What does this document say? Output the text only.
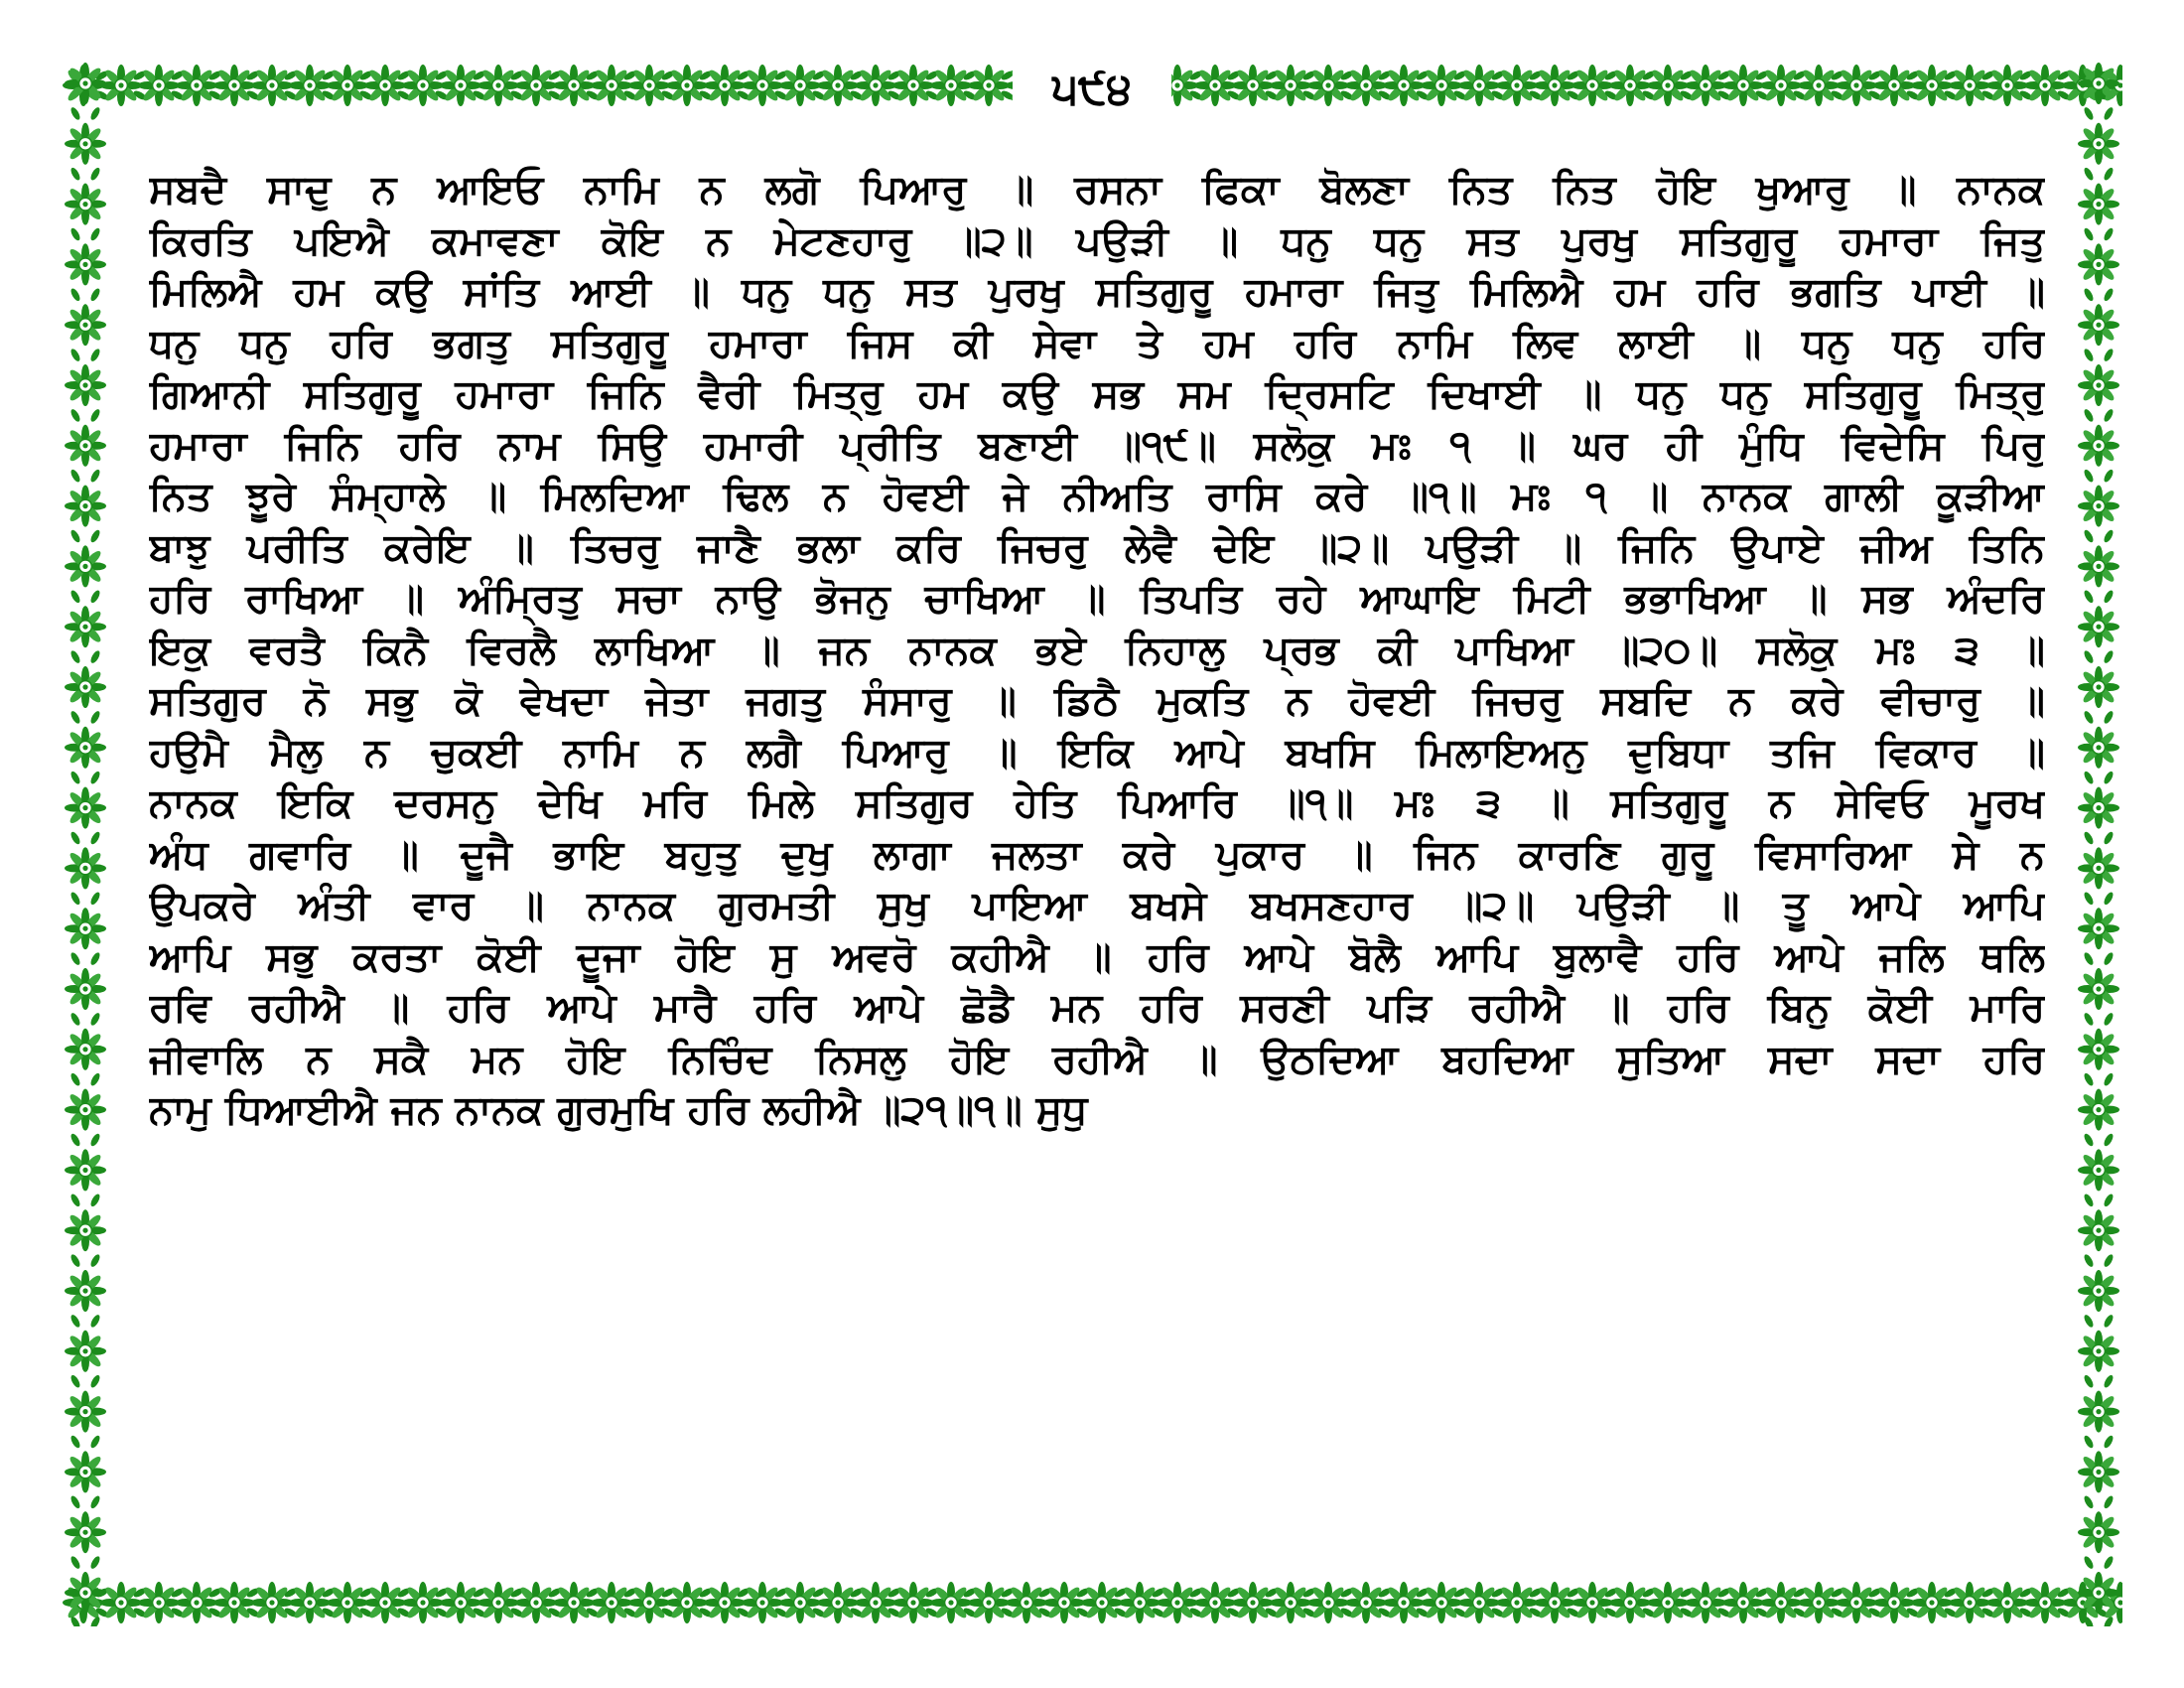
੫੯੪
ਸਬਦੈ ਸਾਦੁ ਨ ਆਇਓ ਨਾਮਿ ਨ ਲਗੋ ਪਿਆਰੁ ॥ ਰਸਨਾ ਫਿਕਾ ਬੋਲਣਾ ਨਿਤ ਨਿਤ ਹੋਇ ਖੁਆਰੁ ॥ ਨਾਨਕ
ਕਿਰਤਿ ਪਇਐ ਕਮਾਵਣਾ ਕੋਇ ਨ ਮੇਟਣਹਾਰੁ ॥੨॥ ਪਉੜੀ ॥ ਧਨੁ ਧਨੁ ਸਤ ਪੁਰਖੁ ਸਤਿਗੁਰੂ ਹਮਾਰਾ ਜਿਤੁ
ਮਿਲਿਐ ਹਮ ਕਉ ਸਾਂਤਿ ਆਈ ॥ ਧਨੁ ਧਨੁ ਸਤ ਪੁਰਖੁ ਸਤਿਗੁਰੂ ਹਮਾਰਾ ਜਿਤੁ ਮਿਲਿਐ ਹਮ ਹਰਿ ਭਗਤਿ ਪਾਈ ॥
ਧਨੁ ਧਨੁ ਹਰਿ ਭਗਤੁ ਸਤਿਗੁਰੂ ਹਮਾਰਾ ਜਿਸ ਕੀ ਸੇਵਾ ਤੇ ਹਮ ਹਰਿ ਨਾਮਿ ਲਿਵ ਲਾਈ ॥ ਧਨੁ ਧਨੁ ਹਰਿ
ਗਿਆਨੀ ਸਤਿਗੁਰੂ ਹਮਾਰਾ ਜਿਨਿ ਵੈਰੀ ਮਿਤ੍ਰੁ ਹਮ ਕਉ ਸਭ ਸਮ ਦ੍ਰਿਸਟਿ ਦਿਖਾਈ ॥ ਧਨੁ ਧਨੁ ਸਤਿਗੁਰੂ ਮਿਤ੍ਰੁ
ਹਮਾਰਾ ਜਿਨਿ ਹਰਿ ਨਾਮ ਸਿਉ ਹਮਾਰੀ ਪ੍ਰੀਤਿ ਬਣਾਈ ॥੧੯॥ ਸਲੋਕੁ ਮਃ ੧ ॥ ਘਰ ਹੀ ਮੁੰਧਿ ਵਿਦੇਸਿ ਪਿਰੁ
ਨਿਤ ਝੂਰੇ ਸੰਮ੍ਹਾਲੇ ॥ ਮਿਲਦਿਆ ਢਿਲ ਨ ਹੋਵਈ ਜੇ ਨੀਅਤਿ ਰਾਸਿ ਕਰੇ ॥੧॥ ਮਃ ੧ ॥ ਨਾਨਕ ਗਾਲੀ ਕੂੜੀਆ
ਬਾਝੁ ਪਰੀਤਿ ਕਰੇਇ ॥ ਤਿਚਰੁ ਜਾਣੈ ਭਲਾ ਕਰਿ ਜਿਚਰੁ ਲੇਵੈ ਦੇਇ ॥੨॥ ਪਉੜੀ ॥ ਜਿਨਿ ਉਪਾਏ ਜੀਅ ਤਿਨਿ
ਹਰਿ ਰਾਖਿਆ ॥ ਅੰਮ੍ਰਿਤੁ ਸਚਾ ਨਾਉ ਭੋਜਨੁ ਚਾਖਿਆ ॥ ਤਿਪਤਿ ਰਹੇ ਆਘਾਇ ਮਿਟੀ ਭਭਾਖਿਆ ॥ ਸਭ ਅੰਦਰਿ
ਇਕੁ ਵਰਤੈ ਕਿਨੈ ਵਿਰਲੈ ਲਾਖਿਆ ॥ ਜਨ ਨਾਨਕ ਭਏ ਨਿਹਾਲੁ ਪ੍ਰਭ ਕੀ ਪਾਖਿਆ ॥੨੦॥ ਸਲੋਕੁ ਮਃ ੩ ॥
ਸਤਿਗੁਰ ਨੋ ਸਭੁ ਕੋ ਵੇਖਦਾ ਜੇਤਾ ਜਗਤੁ ਸੰਸਾਰੁ ॥ ਡਿਠੈ ਮੁਕਤਿ ਨ ਹੋਵਈ ਜਿਚਰੁ ਸਬਦਿ ਨ ਕਰੇ ਵੀਚਾਰੁ ॥
ਹਉਮੈ ਮੈਲੁ ਨ ਚੁਕਈ ਨਾਮਿ ਨ ਲਗੈ ਪਿਆਰੁ ॥ ਇਕਿ ਆਪੇ ਬਖਸਿ ਮਿਲਾਇਅਨੁ ਦੁਬਿਧਾ ਤਜਿ ਵਿਕਾਰ ॥
ਨਾਨਕ ਇਕਿ ਦਰਸਨੁ ਦੇਖਿ ਮਰਿ ਮਿਲੇ ਸਤਿਗੁਰ ਹੇਤਿ ਪਿਆਰਿ ॥੧॥ ਮਃ ੩ ॥ ਸਤਿਗੁਰੂ ਨ ਸੇਵਿਓ ਮੂਰਖ
ਅੰਧ ਗਵਾਰਿ ॥ ਦੂਜੈ ਭਾਇ ਬਹੁਤੁ ਦੁਖੁ ਲਾਗਾ ਜਲਤਾ ਕਰੇ ਪੁਕਾਰ ॥ ਜਿਨ ਕਾਰਣਿ ਗੁਰੂ ਵਿਸਾਰਿਆ ਸੇ ਨ
ਉਪਕਰੇ ਅੰਤੀ ਵਾਰ ॥ ਨਾਨਕ ਗੁਰਮਤੀ ਸੁਖੁ ਪਾਇਆ ਬਖਸੇ ਬਖਸਣਹਾਰ ॥੨॥ ਪਉੜੀ ॥ ਤੂ ਆਪੇ ਆਪਿ
ਆਪਿ ਸਭੁ ਕਰਤਾ ਕੋਈ ਦੂਜਾ ਹੋਇ ਸੁ ਅਵਰੋ ਕਹੀਐ ॥ ਹਰਿ ਆਪੇ ਬੋਲੈ ਆਪਿ ਬੁਲਾਵੈ ਹਰਿ ਆਪੇ ਜਲਿ ਥਲਿ
ਰਵਿ ਰਹੀਐ ॥ ਹਰਿ ਆਪੇ ਮਾਰੈ ਹਰਿ ਆਪੇ ਛੋਡੈ ਮਨ ਹਰਿ ਸਰਣੀ ਪੜਿ ਰਹੀਐ ॥ ਹਰਿ ਬਿਨੁ ਕੋਈ ਮਾਰਿ
ਜੀਵਾਲਿ ਨ ਸਕੈ ਮਨ ਹੋਇ ਨਿਚਿੰਦ ਨਿਸਲੁ ਹੋਇ ਰਹੀਐ ॥ ਉਠਦਿਆ ਬਹਦਿਆ ਸੁਤਿਆ ਸਦਾ ਸਦਾ ਹਰਿ
ਨਾਮੁ ਧਿਆਈਐ ਜਨ ਨਾਨਕ ਗੁਰਮੁਖਿ ਹਰਿ ਲਹੀਐ ॥੨੧॥੧॥ ਸੁਧੁ
